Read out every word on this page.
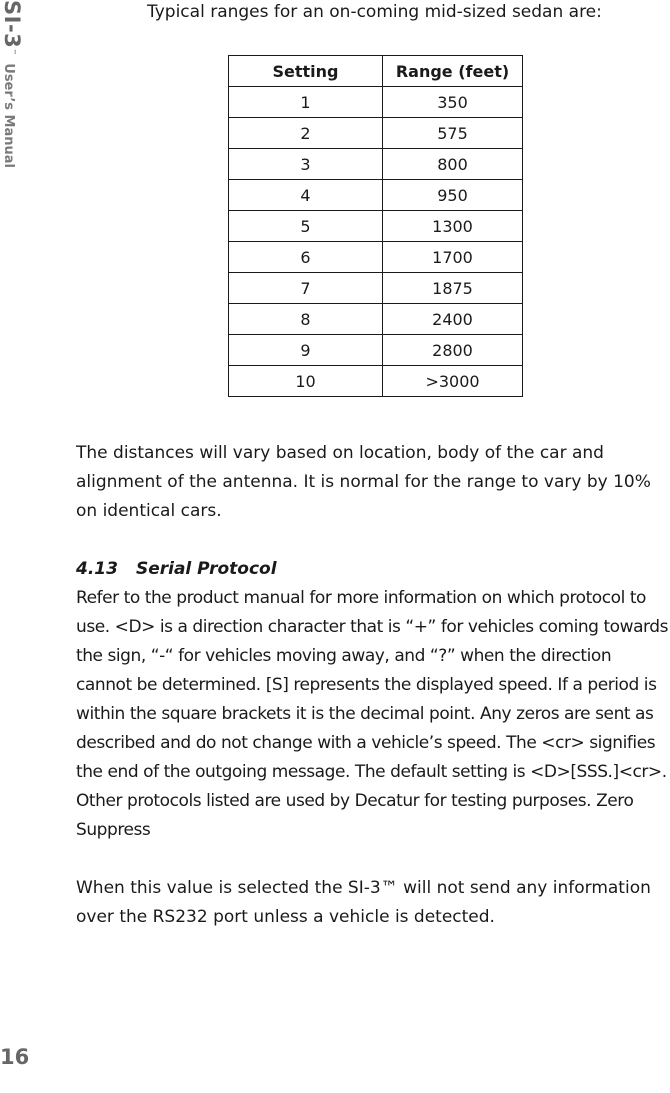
SI-3™User’s Manual
16

Typical ranges for an on-coming mid-sized sedan are:

Setting	Range (feet)
1	350
2	575
3	800
4	950
5	1300
6	1700
7	1875
8	2400
9	2800
10	>3000

The distances will vary based on location, body of the car and alignment of the antenna. It is normal for the range to vary by 10% on identical cars.

4.13 Serial Protocol

Refer to the product manual for more information on which protocol to use. <D> is a direction character that is “+” for vehicles coming towards the sign, “-“ for vehicles moving away, and “?” when the direction cannot be determined. [S] represents the displayed speed. If a period is within the square brackets it is the decimal point. Any zeros are sent as described and do not change with a vehicle’s speed. The <cr> signifies the end of the outgoing message. The default setting is <D>[SSS.]<cr>. Other protocols listed are used by Decatur for testing purposes. Zero Suppress

When this value is selected the SI-3™ will not send any information over the RS232 port unless a vehicle is detected.
